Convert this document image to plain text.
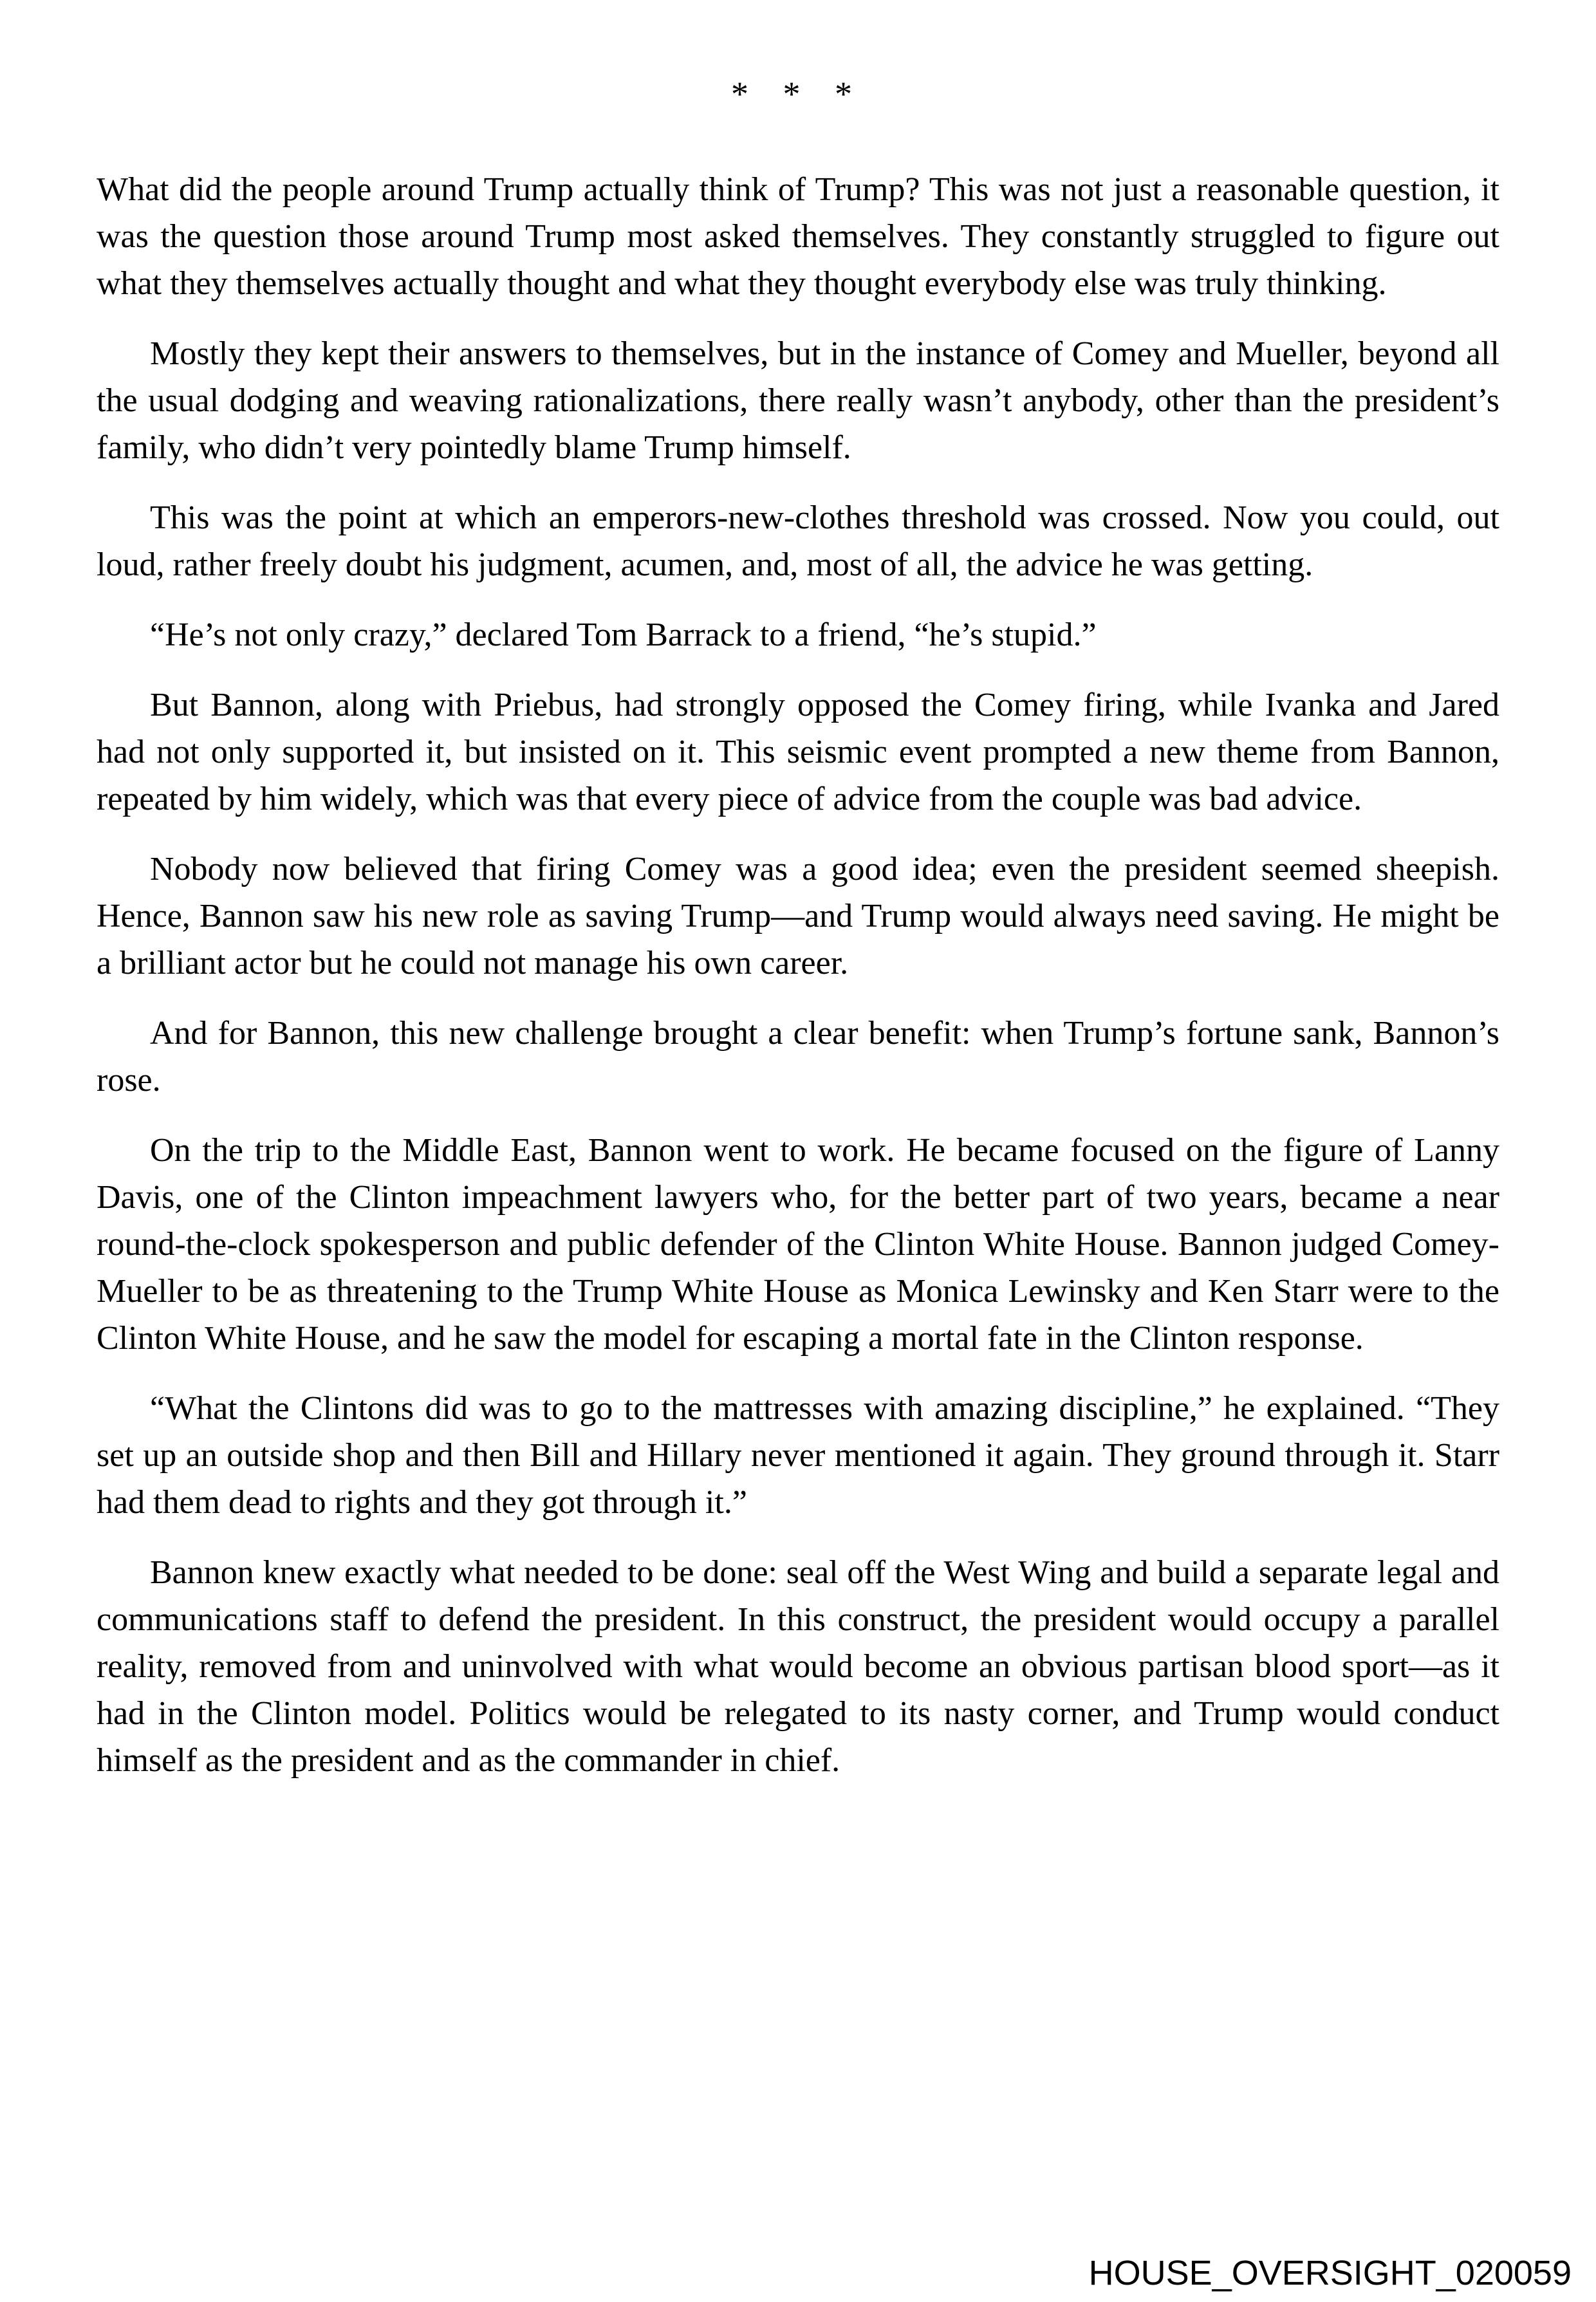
* * *

What did the people around Trump actually think of Trump? This was not just a reasonable question, it was the question those around Trump most asked themselves. They constantly struggled to figure out what they themselves actually thought and what they thought everybody else was truly thinking.

Mostly they kept their answers to themselves, but in the instance of Comey and Mueller, beyond all the usual dodging and weaving rationalizations, there really wasn’t anybody, other than the president’s family, who didn’t very pointedly blame Trump himself.

This was the point at which an emperors-new-clothes threshold was crossed. Now you could, out loud, rather freely doubt his judgment, acumen, and, most of all, the advice he was getting.

“He’s not only crazy,” declared Tom Barrack to a friend, “he’s stupid.”

But Bannon, along with Priebus, had strongly opposed the Comey firing, while Ivanka and Jared had not only supported it, but insisted on it. This seismic event prompted a new theme from Bannon, repeated by him widely, which was that every piece of advice from the couple was bad advice.

Nobody now believed that firing Comey was a good idea; even the president seemed sheepish. Hence, Bannon saw his new role as saving Trump—and Trump would always need saving. He might be a brilliant actor but he could not manage his own career.

And for Bannon, this new challenge brought a clear benefit: when Trump’s fortune sank, Bannon’s rose.

On the trip to the Middle East, Bannon went to work. He became focused on the figure of Lanny Davis, one of the Clinton impeachment lawyers who, for the better part of two years, became a near round-the-clock spokesperson and public defender of the Clinton White House. Bannon judged Comey-Mueller to be as threatening to the Trump White House as Monica Lewinsky and Ken Starr were to the Clinton White House, and he saw the model for escaping a mortal fate in the Clinton response.

“What the Clintons did was to go to the mattresses with amazing discipline,” he explained. “They set up an outside shop and then Bill and Hillary never mentioned it again. They ground through it. Starr had them dead to rights and they got through it.”

Bannon knew exactly what needed to be done: seal off the West Wing and build a separate legal and communications staff to defend the president. In this construct, the president would occupy a parallel reality, removed from and uninvolved with what would become an obvious partisan blood sport—as it had in the Clinton model. Politics would be relegated to its nasty corner, and Trump would conduct himself as the president and as the commander in chief.

HOUSE_OVERSIGHT_020059
